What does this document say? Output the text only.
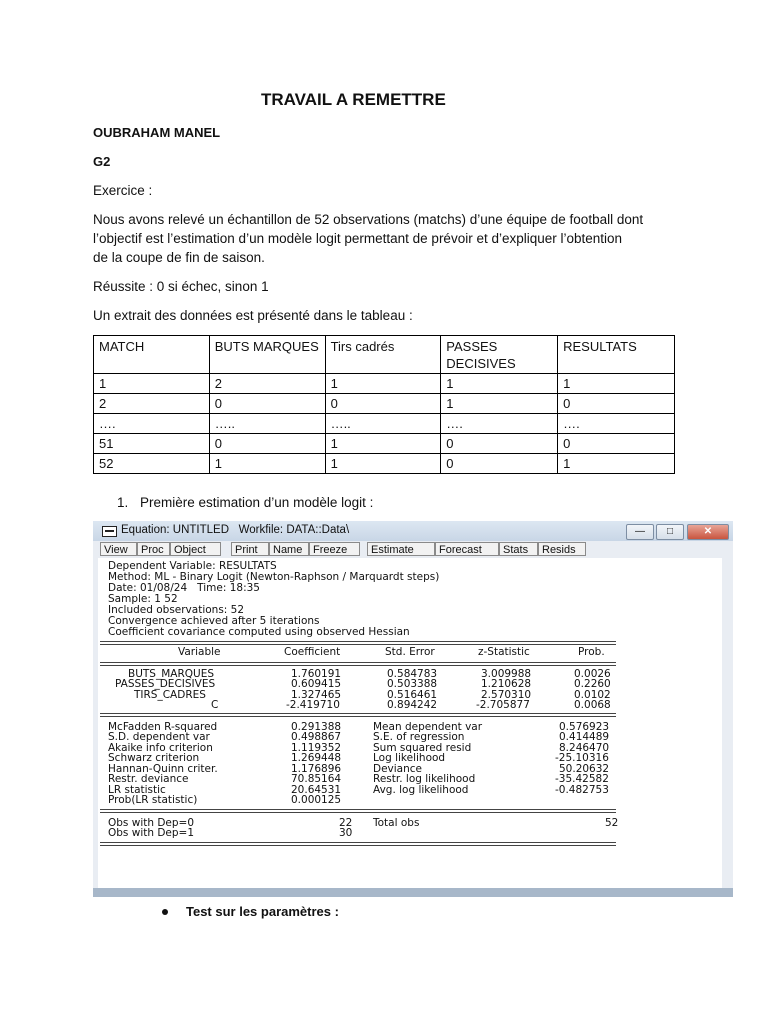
TRAVAIL A REMETTRE
OUBRAHAM MANEL
G2
Exercice :
Nous avons relevé un échantillon de 52 observations (matchs) d’une équipe de football dont
l’objectif est l’estimation d’un modèle logit permettant de prévoir et d’expliquer l’obtention
de la coupe de fin de saison.
Réussite : 0 si échec, sinon 1
Un extrait des données est présenté dans le tableau :
MATCH	BUTS MARQUES	Tirs cadrés	PASSES DECISIVES	RESULTATS
1	2	1	1	1
2	0	0	1	0
….	…..	…..	….	….
51	0	1	0	0
52	1	1	0	1
1. Première estimation d’un modèle logit :
Equation: UNTITLED   Workfile: DATA::Data\	—	□	✕
View	Proc Object	Print	Name Freeze	Estimate	Forecast	Stats	Resids
Dependent Variable: RESULTATS
Method: ML - Binary Logit (Newton-Raphson / Marquardt steps)
Date: 01/08/24   Time: 18:35
Sample: 1 52
Included observations: 52
Convergence achieved after 5 iterations
Coefficient covariance computed using observed Hessian
Variable	Coefficient	Std. Error	z-Statistic	Prob.
BUTS_MARQUES	1.760191	0.584783	3.009988	0.0026
PASSES_DECISIVES	0.609415	0.503388	1.210628	0.2260
TIRS_CADRES	1.327465	0.516461	2.570310	0.0102
C	-2.419710	0.894242	-2.705877	0.0068
McFadden R-squared	0.291388	Mean dependent var	0.576923
S.D. dependent var	0.498867	S.E. of regression	0.414489
Akaike info criterion	1.119352	Sum squared resid	8.246470
Schwarz criterion	1.269448	Log likelihood	-25.10316
Hannan-Quinn criter.	1.176896	Deviance	50.20632
Restr. deviance	70.85164	Restr. log likelihood	-35.42582
LR statistic	20.64531	Avg. log likelihood	-0.482753
Prob(LR statistic)	0.000125
Obs with Dep=0	22 Total obs	52
Obs with Dep=1	30
Test sur les paramètres :
